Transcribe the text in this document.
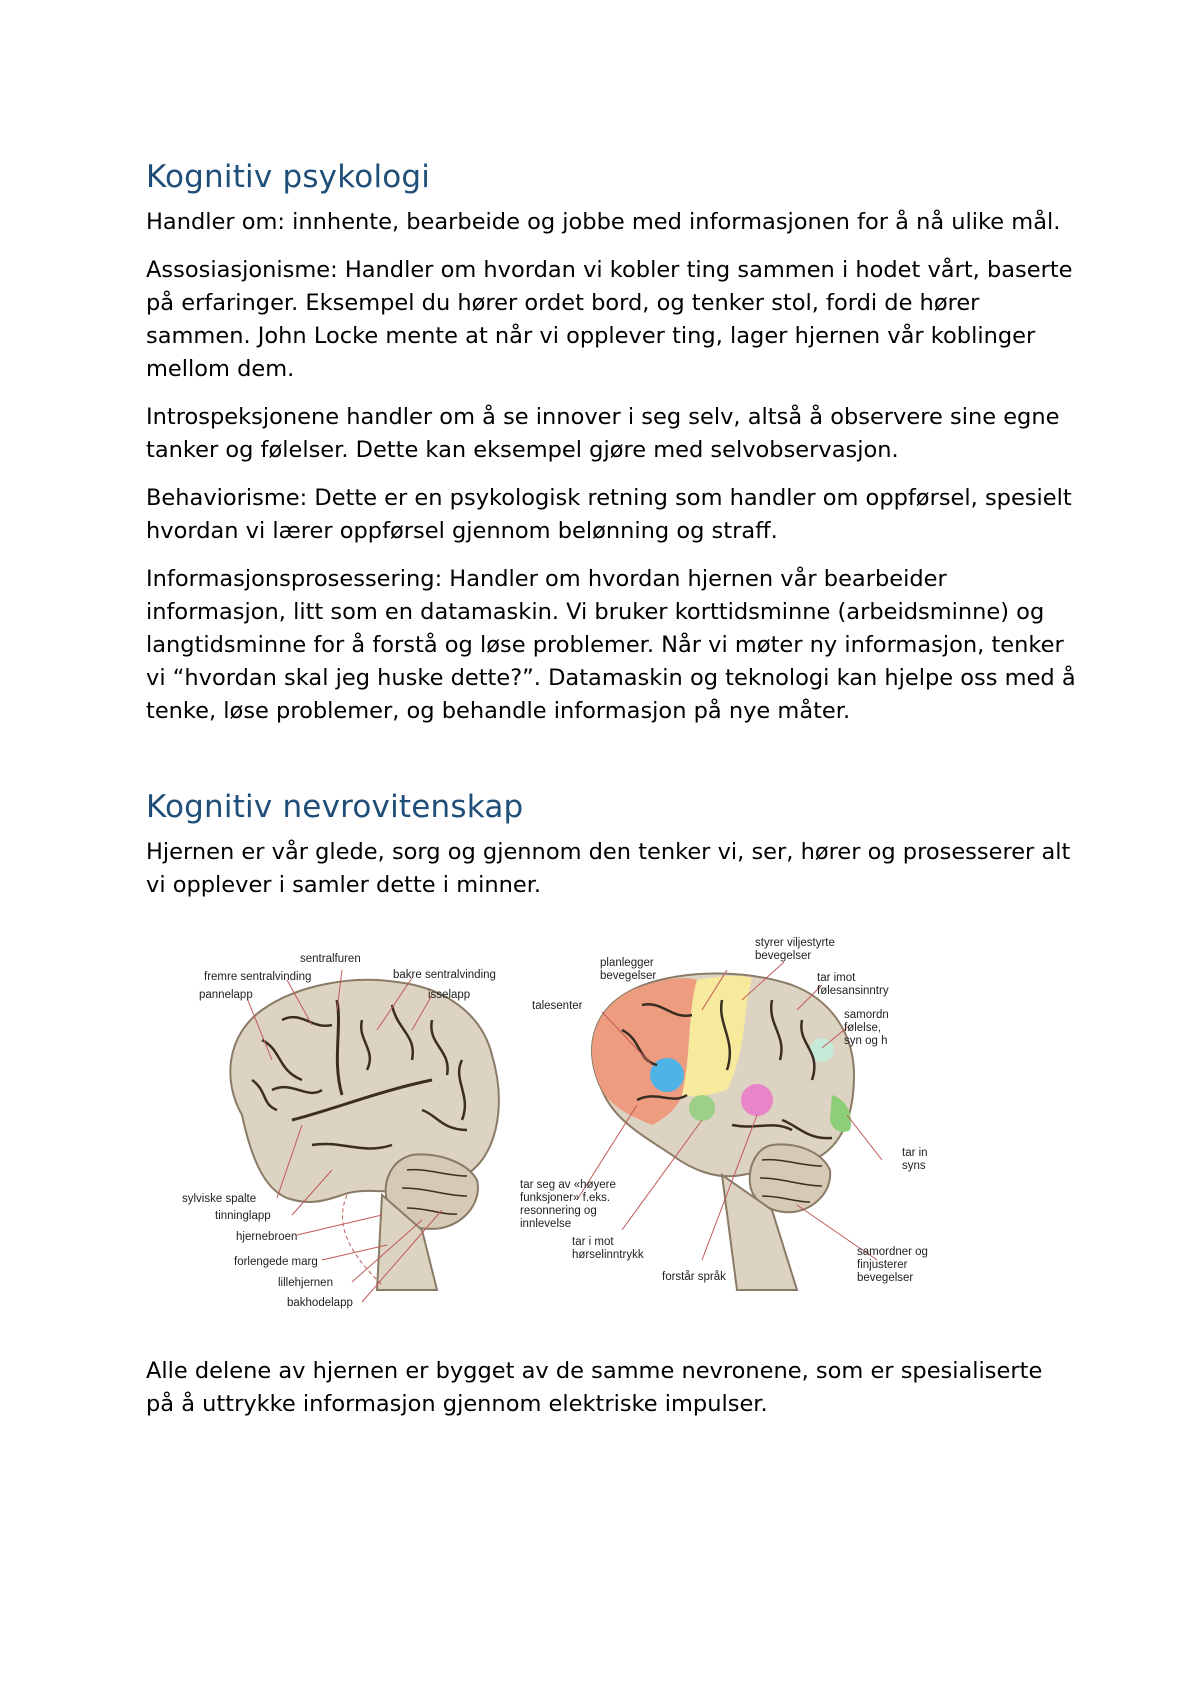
Kognitiv psykologi

Handler om: innhente, bearbeide og jobbe med informasjonen for å nå ulike mål.

Assosiasjonisme: Handler om hvordan vi kobler ting sammen i hodet vårt, baserte på erfaringer. Eksempel du hører ordet bord, og tenker stol, fordi de hører sammen. John Locke mente at når vi opplever ting, lager hjernen vår koblinger mellom dem.

Introspeksjonene handler om å se innover i seg selv, altså å observere sine egne tanker og følelser. Dette kan eksempel gjøre med selvobservasjon.

Behaviorisme: Dette er en psykologisk retning som handler om oppførsel, spesielt hvordan vi lærer oppførsel gjennom belønning og straff.

Informasjonsprosessering: Handler om hvordan hjernen vår bearbeider informasjon, litt som en datamaskin. Vi bruker korttidsminne (arbeidsminne) og langtidsminne for å forstå og løse problemer. Når vi møter ny informasjon, tenker vi “hvordan skal jeg huske dette?”. Datamaskin og teknologi kan hjelpe oss med å tenke, løse problemer, og behandle informasjon på nye måter.

Kognitiv nevrovitenskap

Hjernen er vår glede, sorg og gjennom den tenker vi, ser, hører og prosesserer alt vi opplever i samler dette i minner.

sentralfuren
fremre sentralvinding	bakre sentralvinding
pannelapp	isselapp
sylviske spalte
tinninglapp
hjernebroen
forlengede marg
lillehjernen
bakhodelapp
styrer viljestyrte
bevegelser
planlegger
bevegelser	tar imot
følesansinntry
talesenter
samordn
følelse,
syn og h
tar in
syns
tar seg av «høyere
funksjoner» f.eks.
resonnering og
innlevelse
tar i mot
hørselinntrykk
forstår språk
samordner og
finjusterer
bevegelser

Alle delene av hjernen er bygget av de samme nevronene, som er spesialiserte på å uttrykke informasjon gjennom elektriske impulser.
